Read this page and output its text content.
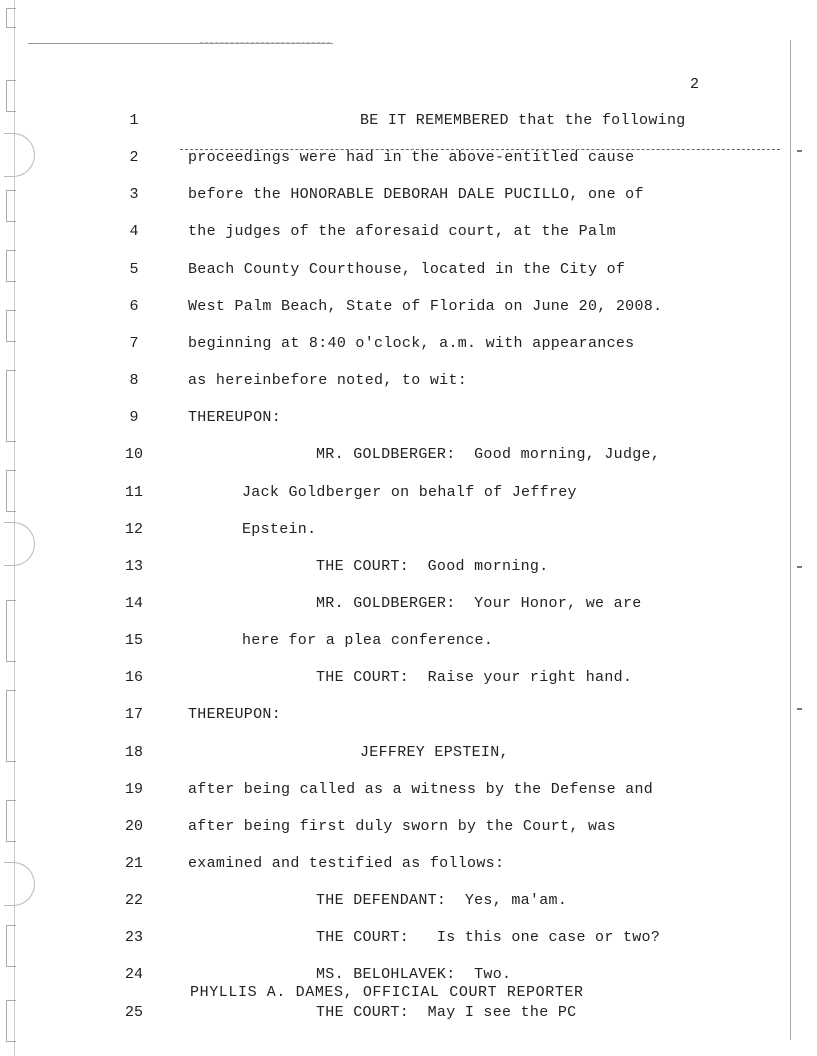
2
1	BE IT REMEMBERED that the following
2	proceedings were had in the above-entitled cause
3	before the HONORABLE DEBORAH DALE PUCILLO, one of
4	the judges of the aforesaid court, at the Palm
5	Beach County Courthouse, located in the City of
6	West Palm Beach, State of Florida on June 20, 2008.
7	beginning at 8:40 o'clock, a.m. with appearances
8	as hereinbefore noted, to wit:
9	THEREUPON:
10	MR. GOLDBERGER:  Good morning, Judge,
11	Jack Goldberger on behalf of Jeffrey
12	Epstein.
13	THE COURT:  Good morning.
14	MR. GOLDBERGER:  Your Honor, we are
15	here for a plea conference.
16	THE COURT:  Raise your right hand.
17	THEREUPON:
18	JEFFREY EPSTEIN,
19	after being called as a witness by the Defense and
20	after being first duly sworn by the Court, was
21	examined and testified as follows:
22	THE DEFENDANT:  Yes, ma'am.
23	THE COURT:   Is this one case or two?
24	MS. BELOHLAVEK:  Two.
25	THE COURT:  May I see the PC
PHYLLIS A. DAMES, OFFICIAL COURT REPORTER
